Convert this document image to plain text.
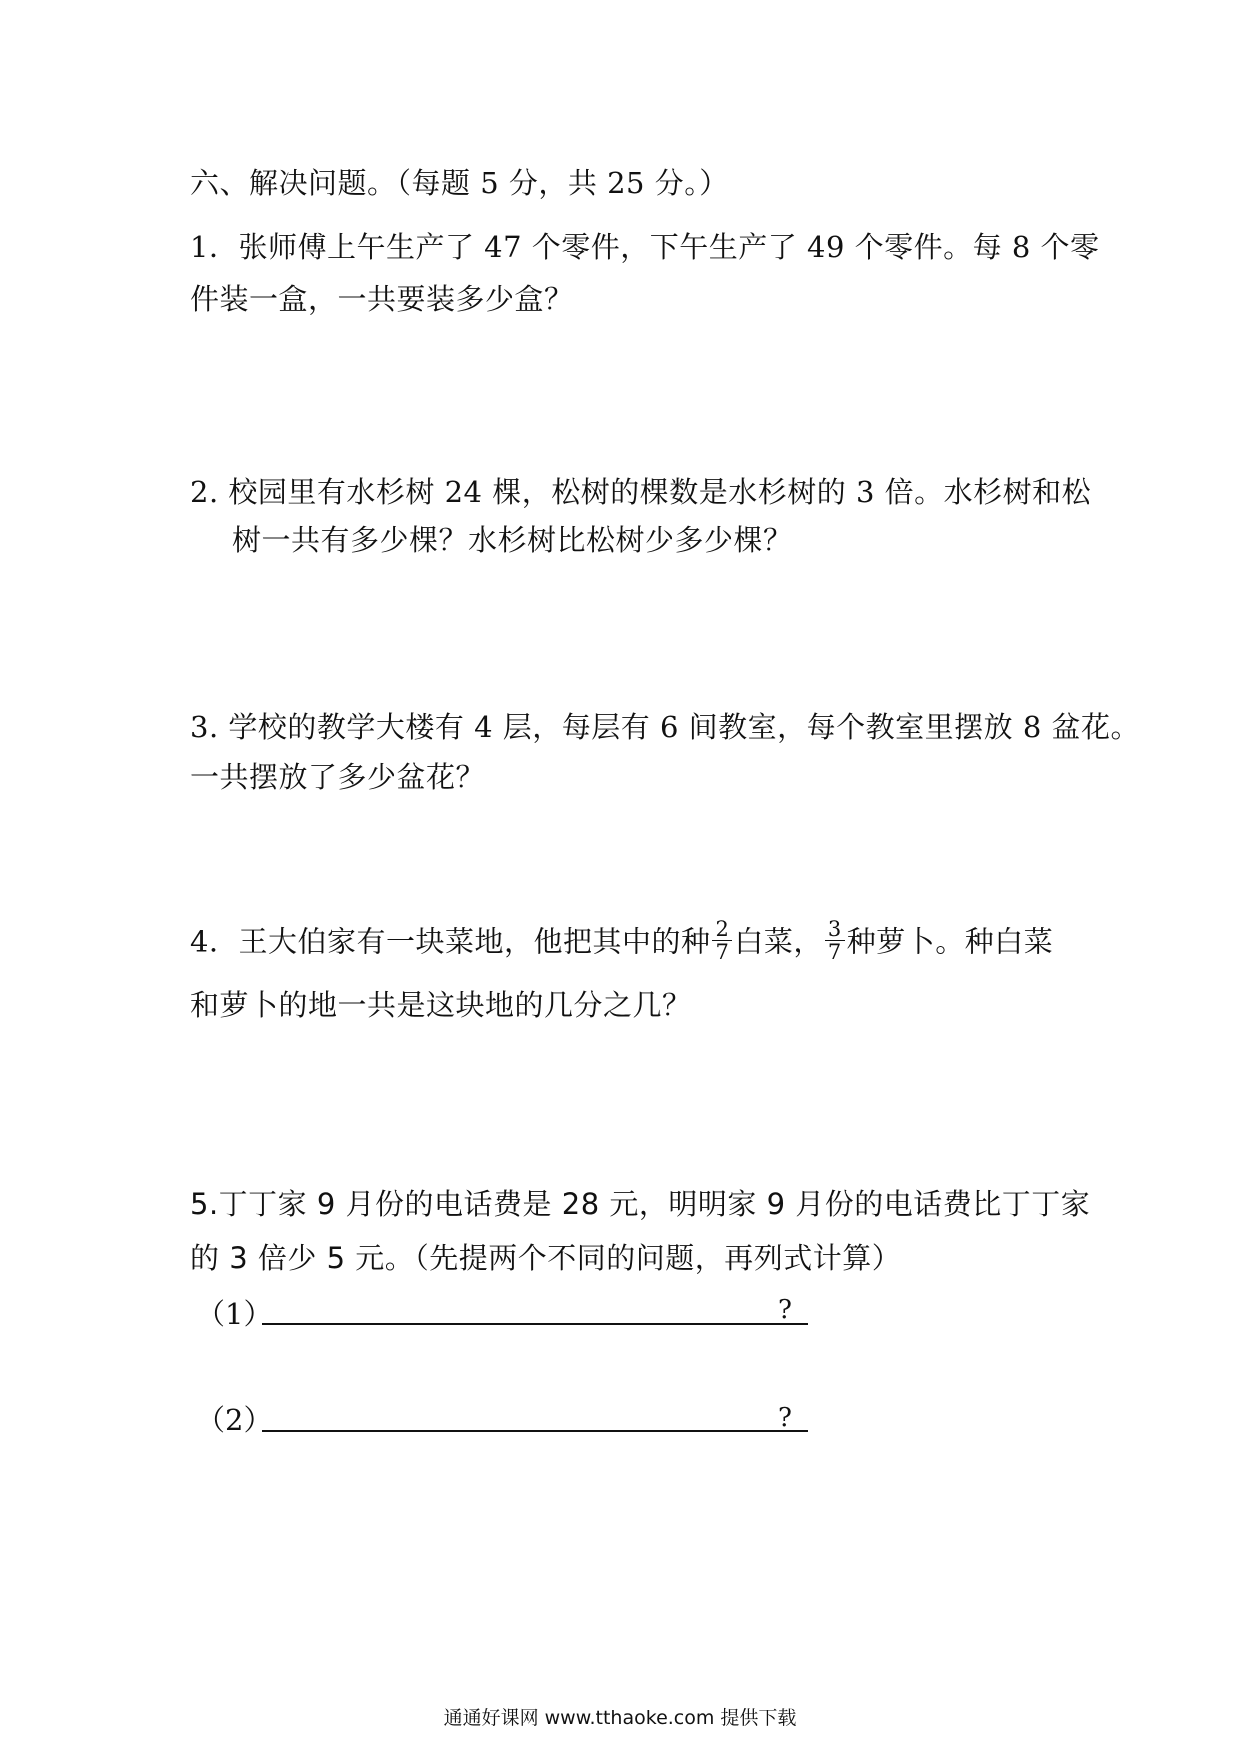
六、解决问题。（每题 5 分，共 25 分。）
1．张师傅上午生产了 47 个零件，下午生产了 49 个零件。每 8 个零
件装一盒，一共要装多少盒？
2. 校园里有水杉树 24 棵，松树的棵数是水杉树的 3 倍。水杉树和松
树一共有多少棵？水杉树比松树少多少棵？
3. 学校的教学大楼有 4 层，每层有 6 间教室，每个教室里摆放 8 盆花。
一共摆放了多少盆花？
4．王大伯家有一块菜地，他把其中的种 $\frac{2}{7}$ 白菜， $\frac{3}{7}$ 种萝卜。种白菜
和萝卜的地一共是这块地的几分之几？
5.丁丁家 9 月份的电话费是 28 元，明明家 9 月份的电话费比丁丁家
的 3 倍少 5 元。（先提两个不同的问题，再列式计算）
（1）	?
（2）	?
通通好课网 www.tthaoke.com 提供下载
